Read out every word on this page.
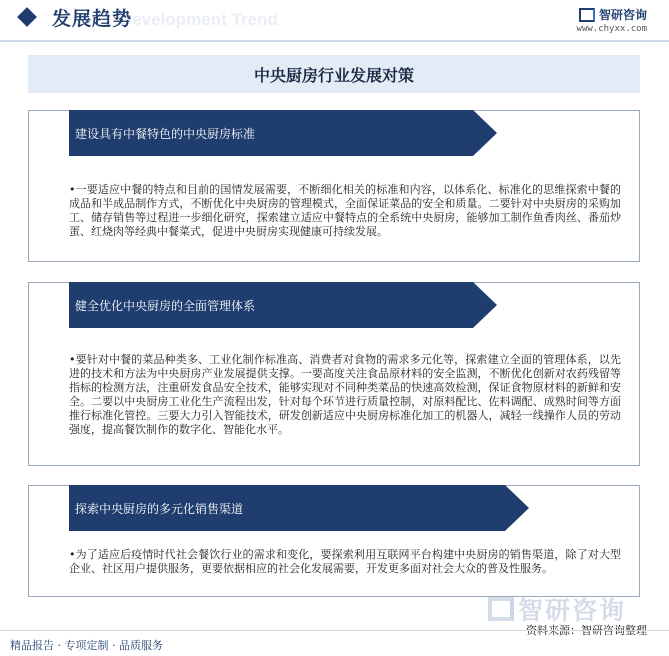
Development Trend
发展趋势	智研咨询
www.chyxx.com
中央厨房行业发展对策
建设具有中餐特色的中央厨房标准
•一要适应中餐的特点和目前的国情发展需要，不断细化相关的标准和内容，以体系化、标准化的思维探索中餐的成品和半成品制作方式，不断优化中央厨房的管理模式，全面保证菜品的安全和质量。二要针对中央厨房的采购加工、储存销售等过程进一步细化研究，探索建立适应中餐特点的全系统中央厨房，能够加工制作鱼香肉丝、番茄炒蛋、红烧肉等经典中餐菜式，促进中央厨房实现健康可持续发展。
健全优化中央厨房的全面管理体系
•要针对中餐的菜品种类多、工业化制作标准高、消费者对食物的需求多元化等，探索建立全面的管理体系，以先进的技术和方法为中央厨房产业发展提供支撑。一要高度关注食品原材料的安全监测，不断优化创新对农药残留等指标的检测方法，注重研发食品安全技术，能够实现对不同种类菜品的快速高效检测，保证食物原材料的新鲜和安全。二要以中央厨房工业化生产流程出发，针对每个环节进行质量控制，对原料配比、佐料调配、成熟时间等方面推行标准化管控。三要大力引入智能技术，研发创新适应中央厨房标准化加工的机器人，减轻一线操作人员的劳动强度，提高餐饮制作的数字化、智能化水平。
探索中央厨房的多元化销售渠道
•为了适应后疫情时代社会餐饮行业的需求和变化，要探索利用互联网平台构建中央厨房的销售渠道，除了对大型企业、社区用户提供服务，更要依据相应的社会化发展需要，开发更多面对社会大众的普及性服务。
智研咨询
资料来源：智研咨询整理
精品报告 · 专项定制 · 品质服务
